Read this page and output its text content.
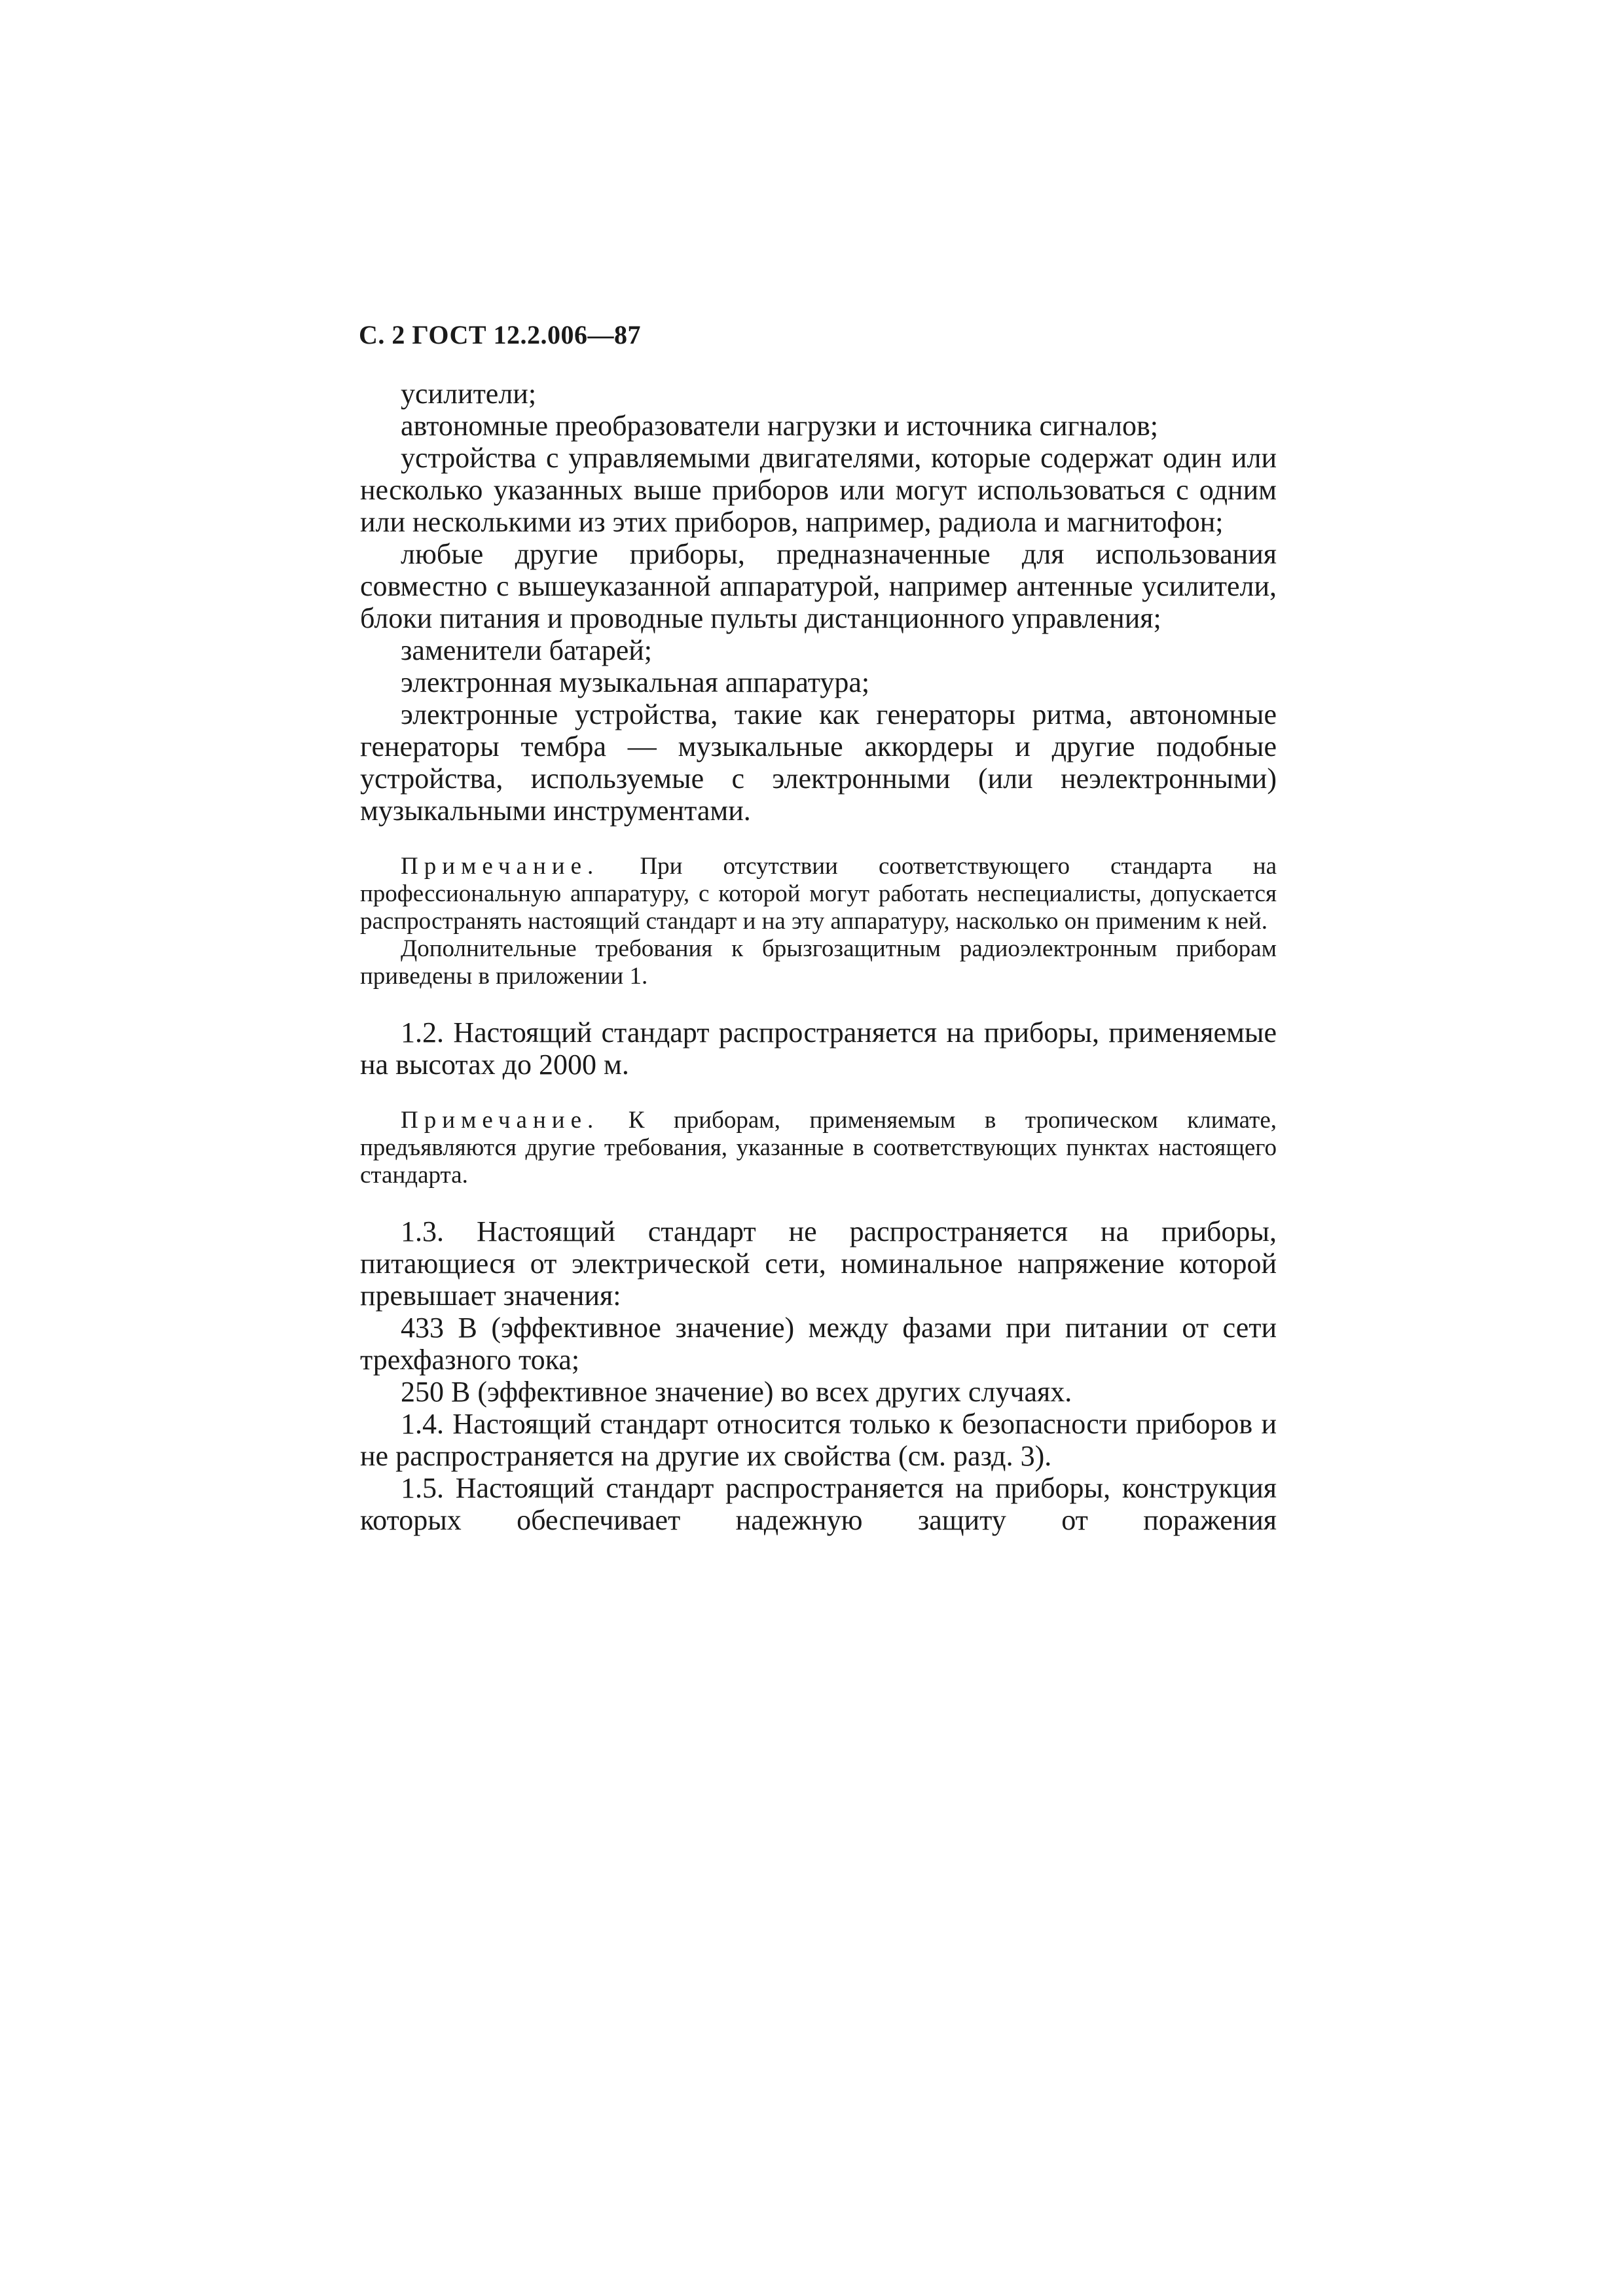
С. 2 ГОСТ 12.2.006—87

усилители;

автономные преобразователи нагрузки и источника сигналов;

устройства с управляемыми двигателями, которые содержат один или несколько указанных выше приборов или могут использоваться с одним или несколькими из этих приборов, например, радиола и магнитофон;

любые другие приборы, предназначенные для использования совместно с вышеуказанной аппаратурой, например антенные усилители, блоки питания и проводные пульты дистанционного управления;

заменители батарей;

электронная музыкальная аппаратура;

электронные устройства, такие как генераторы ритма, автономные генераторы тембра — музыкальные аккордеры и другие подобные устройства, используемые с электронными (или неэлектронными) музыкальными инструментами.

Примечание. При отсутствии соответствующего стандарта на профессиональную аппаратуру, с которой могут работать неспециалисты, допускается распространять настоящий стандарт и на эту аппаратуру, насколько он применим к ней.

Дополнительные требования к брызгозащитным радиоэлектронным приборам приведены в приложении 1.

1.2. Настоящий стандарт распространяется на приборы, применяемые на высотах до 2000 м.

Примечание. К приборам, применяемым в тропическом климате, предъявляются другие требования, указанные в соответствующих пунктах настоящего стандарта.

1.3. Настоящий стандарт не распространяется на приборы, питающиеся от электрической сети, номинальное напряжение которой превышает значения:

433 В (эффективное значение) между фазами при питании от сети трехфазного тока;

250 В (эффективное значение) во всех других случаях.

1.4. Настоящий стандарт относится только к безопасности приборов и не распространяется на другие их свойства (см. разд. 3).

1.5. Настоящий стандарт распространяется на приборы, конструкция которых обеспечивает надежную защиту от поражения
